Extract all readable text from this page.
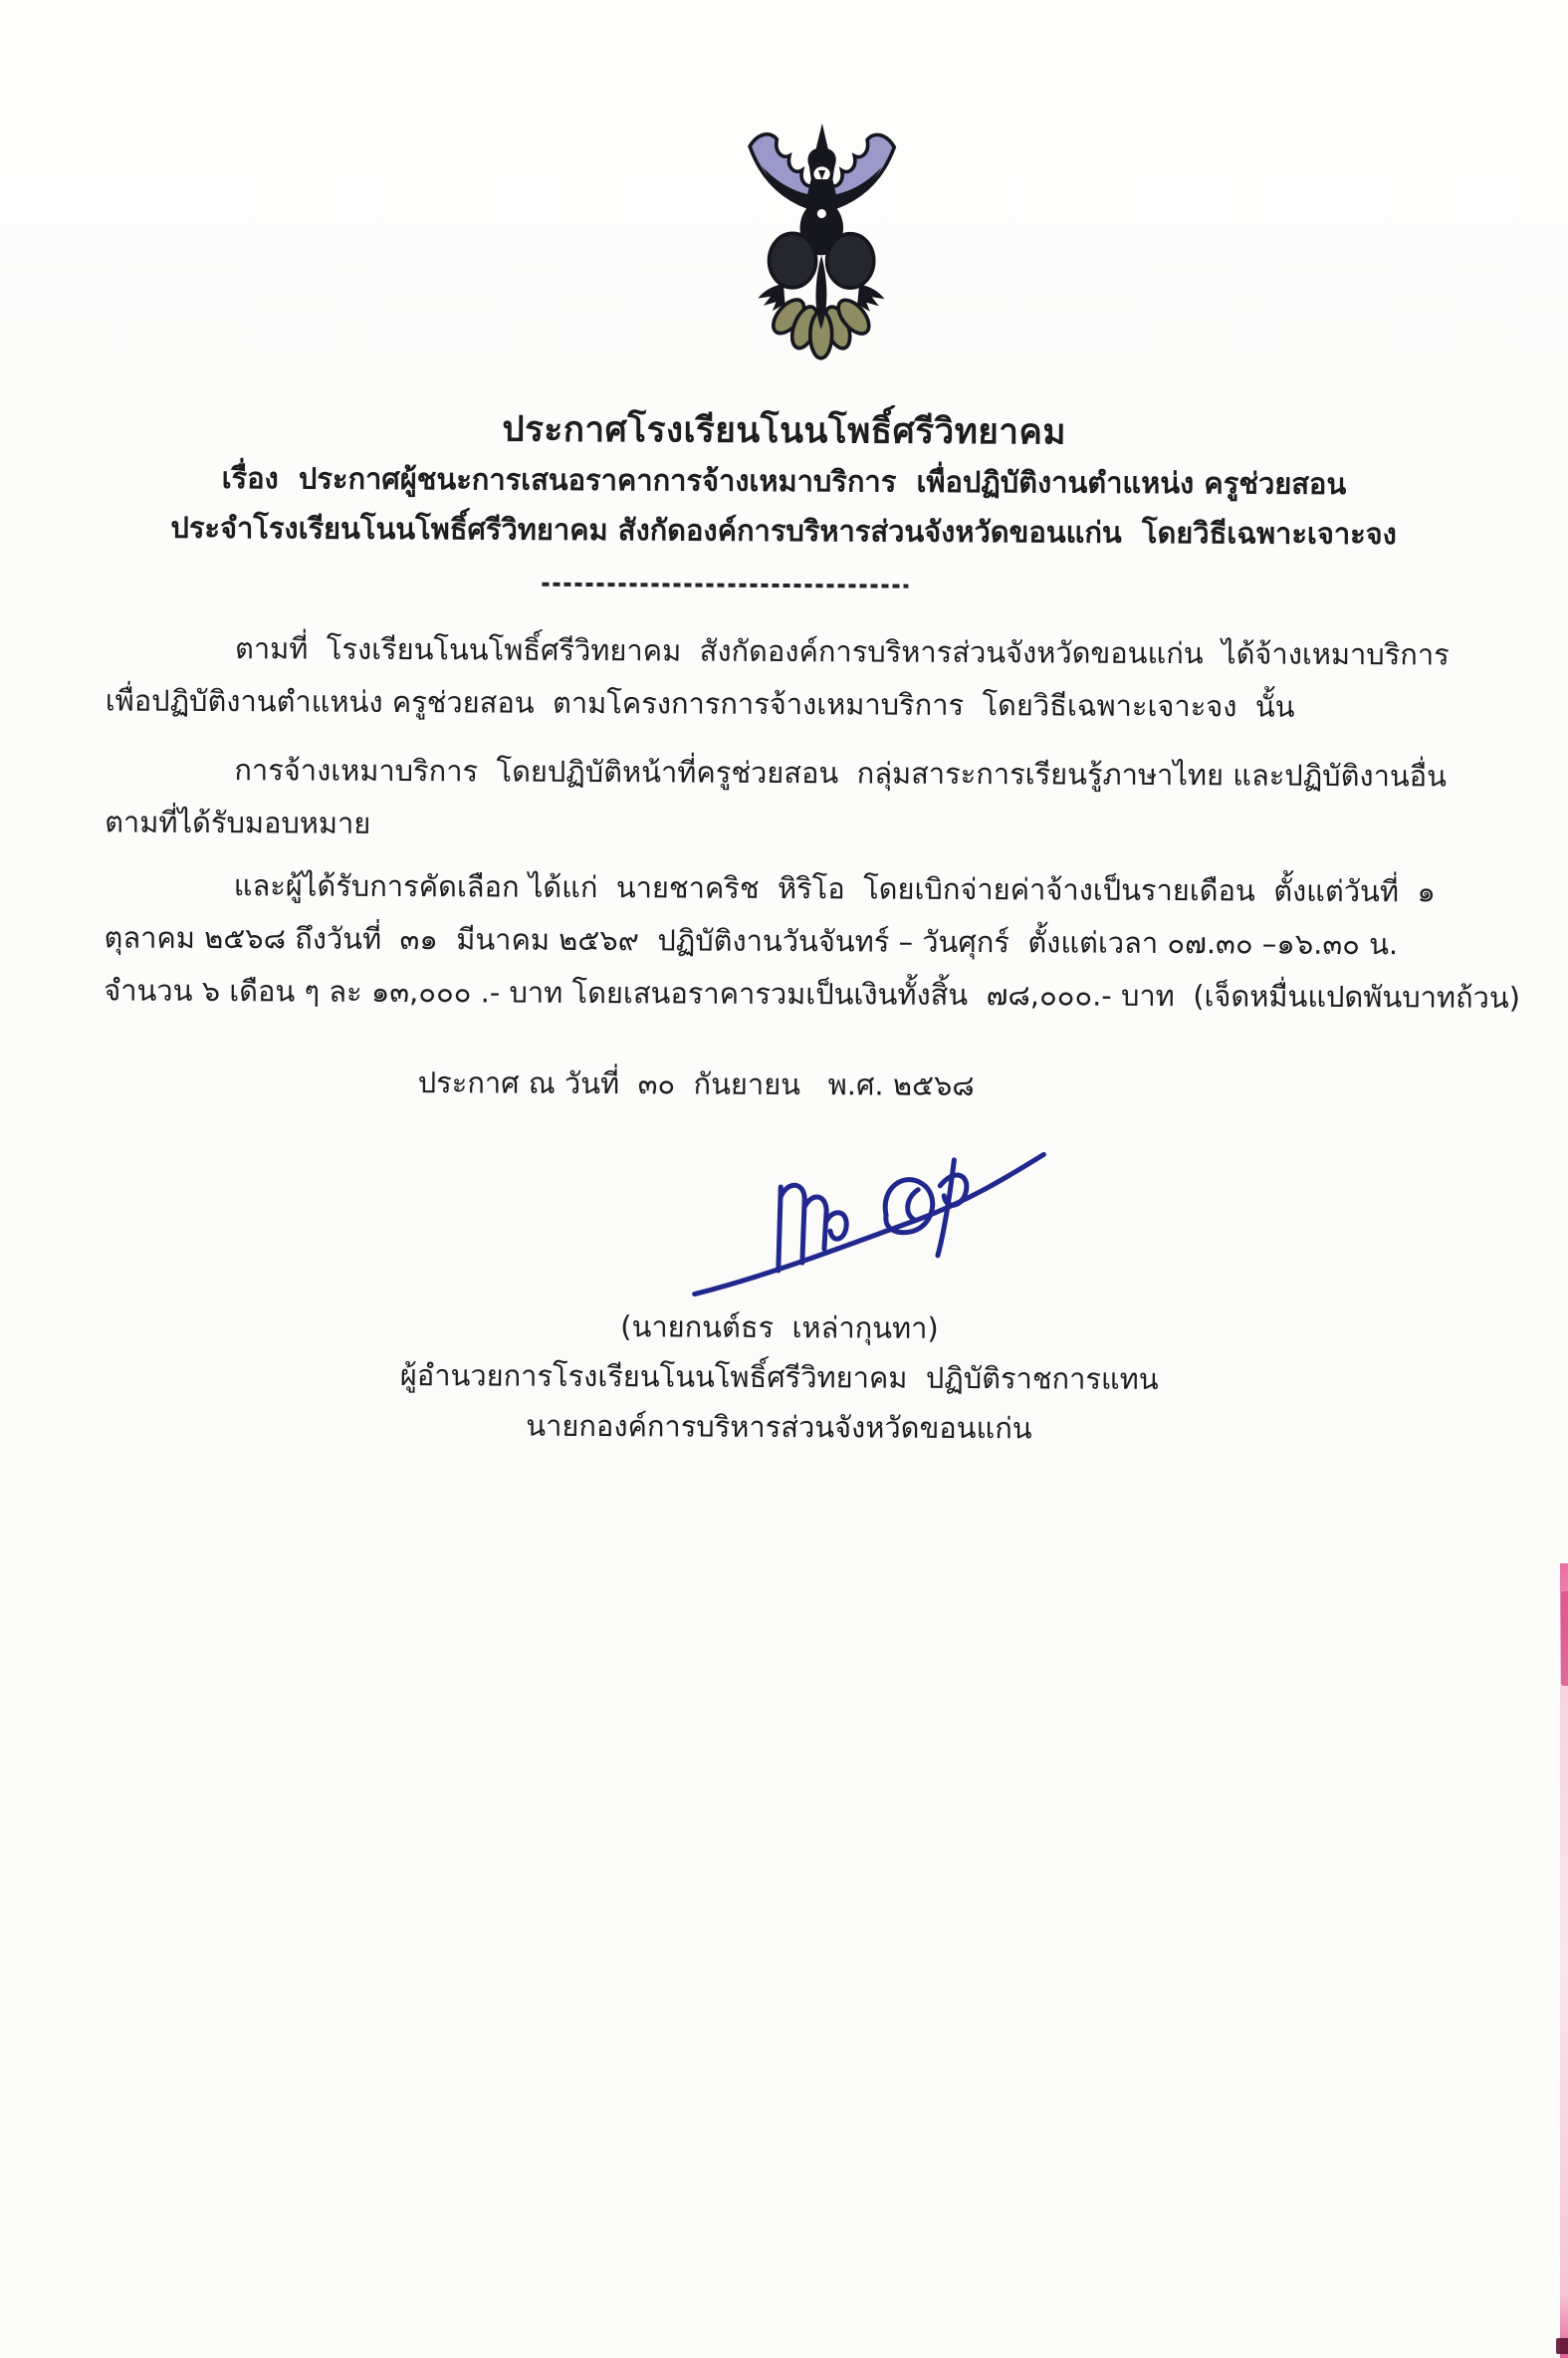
ประกาศโรงเรียนโนนโพธิ์ศรีวิทยาคม
เรื่อง  ประกาศผู้ชนะการเสนอราคาการจ้างเหมาบริการ  เพื่อปฏิบัติงานตำแหน่ง ครูช่วยสอน
ประจำโรงเรียนโนนโพธิ์ศรีวิทยาคม สังกัดองค์การบริหารส่วนจังหวัดขอนแก่น  โดยวิธีเฉพาะเจาะจง
ตามที่  โรงเรียนโนนโพธิ์ศรีวิทยาคม  สังกัดองค์การบริหารส่วนจังหวัดขอนแก่น  ได้จ้างเหมาบริการ
เพื่อปฏิบัติงานตำแหน่ง ครูช่วยสอน  ตามโครงการการจ้างเหมาบริการ  โดยวิธีเฉพาะเจาะจง  นั้น
การจ้างเหมาบริการ  โดยปฏิบัติหน้าที่ครูช่วยสอน  กลุ่มสาระการเรียนรู้ภาษาไทย และปฏิบัติงานอื่น
ตามที่ได้รับมอบหมาย
และผู้ได้รับการคัดเลือก ได้แก่  นายชาคริช  หิริโอ  โดยเบิกจ่ายค่าจ้างเป็นรายเดือน  ตั้งแต่วันที่  ๑
ตุลาคม ๒๕๖๘ ถึงวันที่  ๓๑  มีนาคม ๒๕๖๙  ปฏิบัติงานวันจันทร์ – วันศุกร์  ตั้งแต่เวลา ๐๗.๓๐ –๑๖.๓๐ น.
จำนวน ๖ เดือน ๆ ละ ๑๓,๐๐๐ .- บาท โดยเสนอราคารวมเป็นเงินทั้งสิ้น  ๗๘,๐๐๐.- บาท  (เจ็ดหมื่นแปดพันบาทถ้วน)
ประกาศ ณ วันที่  ๓๐  กันยายน   พ.ศ. ๒๕๖๘
(นายกนต์ธร  เหล่ากุนทา)
ผู้อำนวยการโรงเรียนโนนโพธิ์ศรีวิทยาคม  ปฏิบัติราชการแทน
นายกองค์การบริหารส่วนจังหวัดขอนแก่น
